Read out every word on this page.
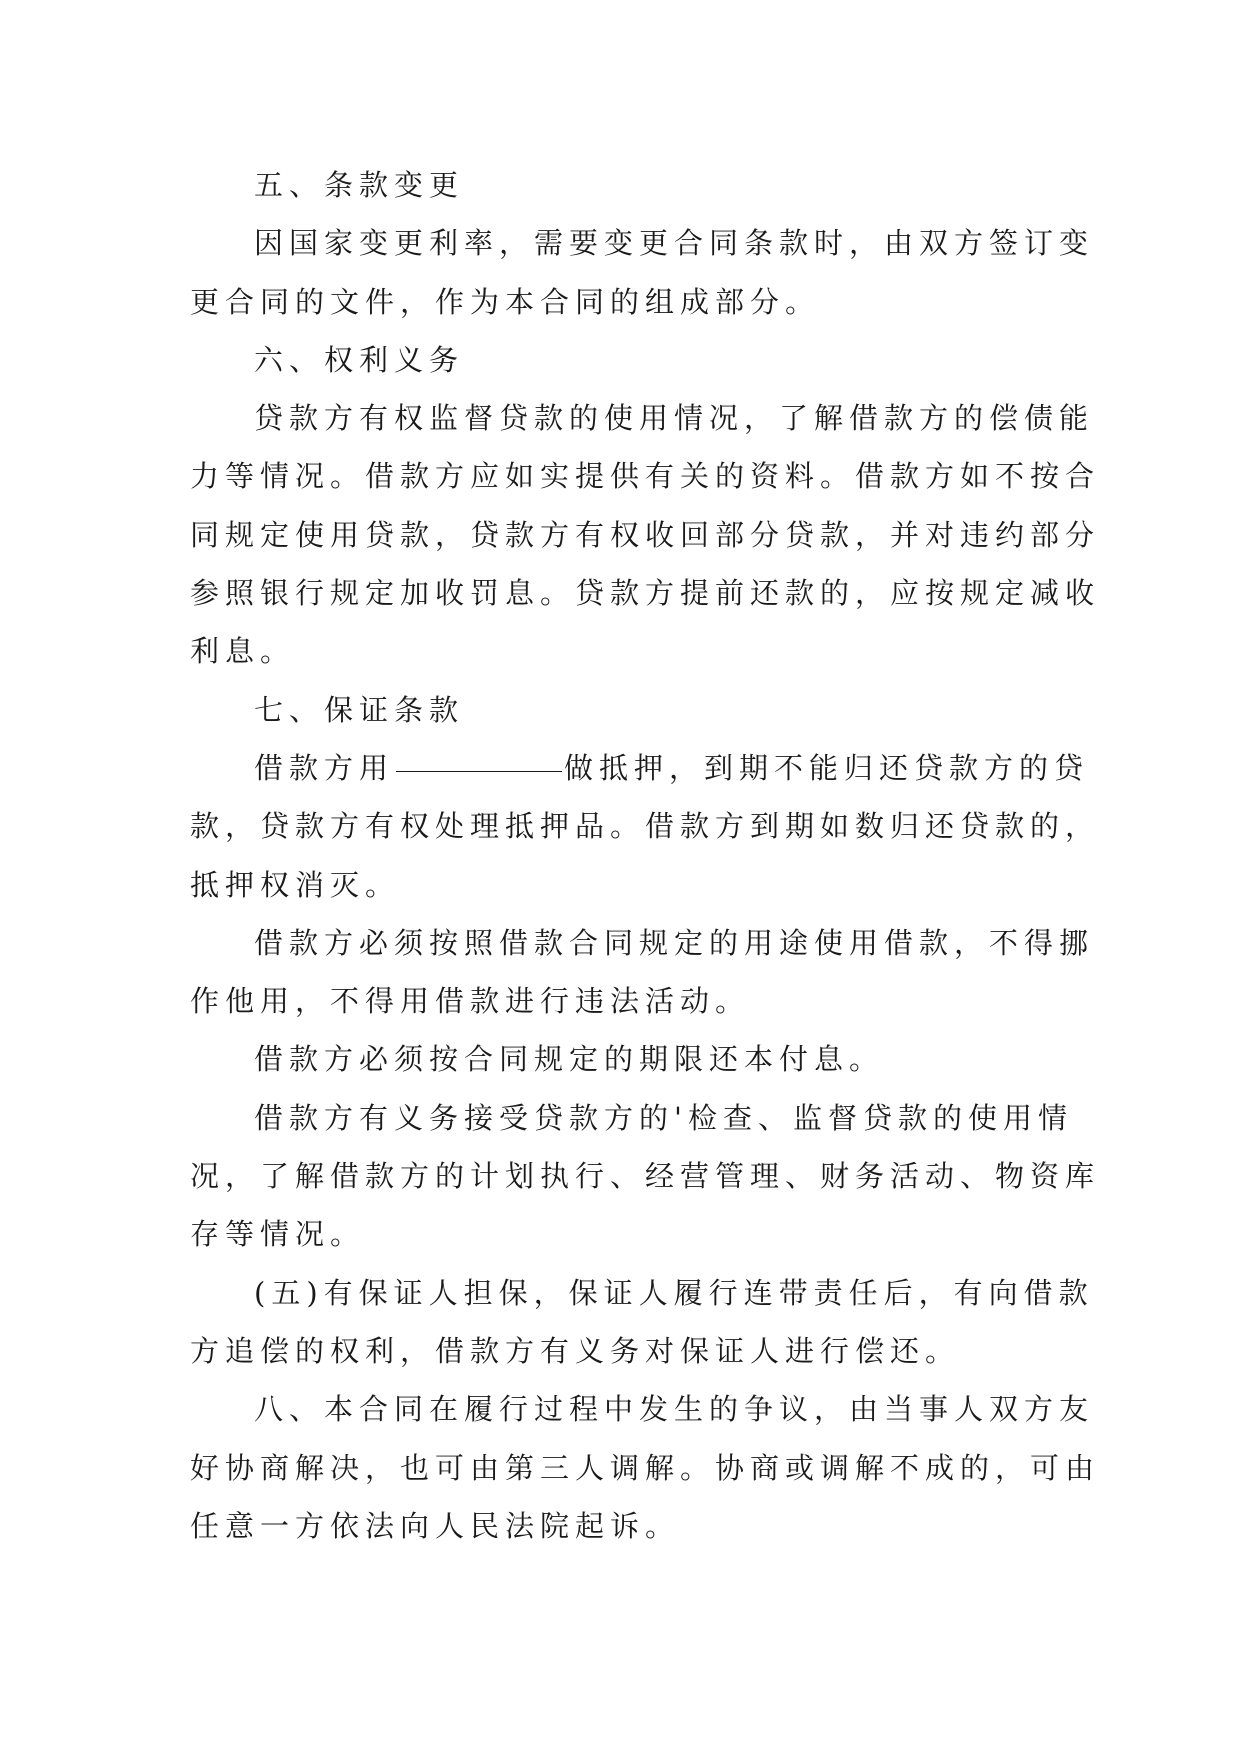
五、条款变更
因国家变更利率，需要变更合同条款时，由双方签订变
更合同的文件，作为本合同的组成部分。
六、权利义务
贷款方有权监督贷款的使用情况，了解借款方的偿债能
力等情况。借款方应如实提供有关的资料。借款方如不按合
同规定使用贷款，贷款方有权收回部分贷款，并对违约部分
参照银行规定加收罚息。贷款方提前还款的，应按规定减收
利息。
七、保证条款
借款方用	做抵押，到期不能归还贷款方的贷
款，贷款方有权处理抵押品。借款方到期如数归还贷款的，
抵押权消灭。
借款方必须按照借款合同规定的用途使用借款，不得挪
作他用，不得用借款进行违法活动。
借款方必须按合同规定的期限还本付息。
借款方有义务接受贷款方的'检查、监督贷款的使用情
况，了解借款方的计划执行、经营管理、财务活动、物资库
存等情况。
(五)有保证人担保，保证人履行连带责任后，有向借款
方追偿的权利，借款方有义务对保证人进行偿还。
八、本合同在履行过程中发生的争议，由当事人双方友
好协商解决，也可由第三人调解。协商或调解不成的，可由
任意一方依法向人民法院起诉。
